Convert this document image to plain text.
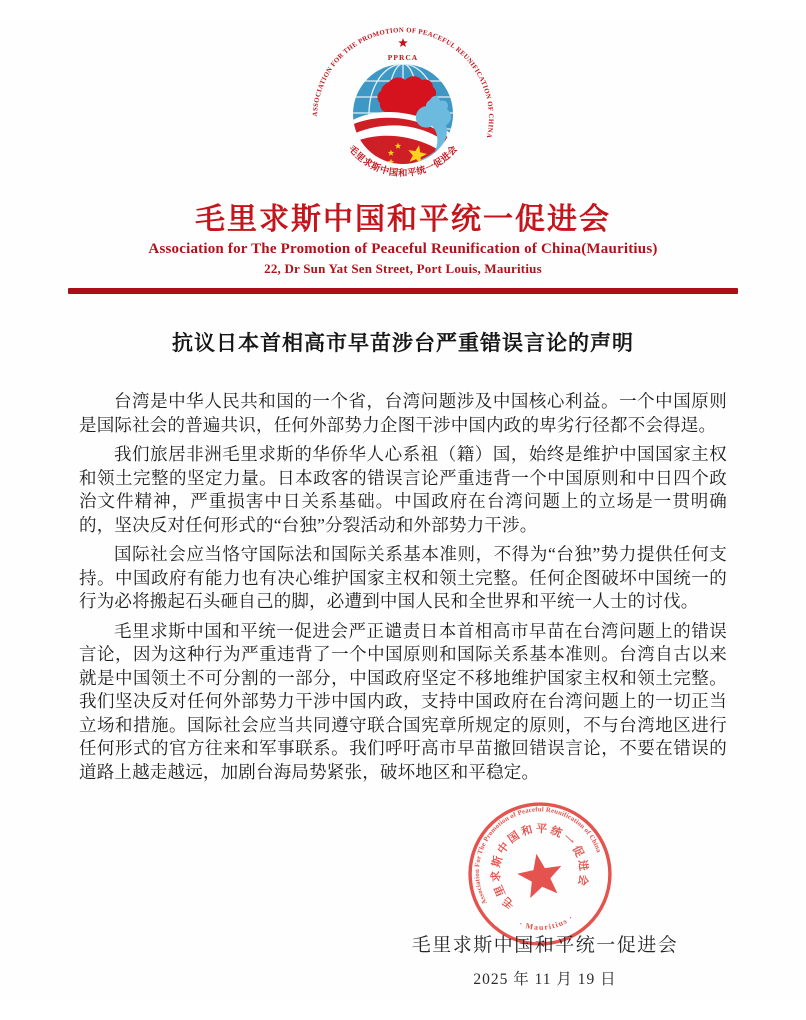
ASSOCIATION FOR THE PROMOTION OF PEACEFUL REUNIFICATION OF CHINA
PPRCA
毛里求斯中国和平统一促进会
毛里求斯中国和平统一促进会
Association for The Promotion of Peaceful Reunification of China(Mauritius)
22, Dr Sun Yat Sen Street, Port Louis, Mauritius
抗议日本首相高市早苗涉台严重错误言论的声明

台湾是中华人民共和国的一个省，台湾问题涉及中国核心利益。一个中国原则是国际社会的普遍共识，任何外部势力企图干涉中国内政的卑劣行径都不会得逞。

我们旅居非洲毛里求斯的华侨华人心系祖（籍）国，始终是维护中国国家主权和领土完整的坚定力量。日本政客的错误言论严重违背一个中国原则和中日四个政治文件精神，严重损害中日关系基础。中国政府在台湾问题上的立场是一贯明确的，坚决反对任何形式的“台独”分裂活动和外部势力干涉。

国际社会应当恪守国际法和国际关系基本准则，不得为“台独”势力提供任何支持。中国政府有能力也有决心维护国家主权和领土完整。任何企图破坏中国统一的行为必将搬起石头砸自己的脚，必遭到中国人民和全世界和平统一人士的讨伐。

毛里求斯中国和平统一促进会严正谴责日本首相高市早苗在台湾问题上的错误言论，因为这种行为严重违背了一个中国原则和国际关系基本准则。台湾自古以来就是中国领土不可分割的一部分，中国政府坚定不移地维护国家主权和领土完整。我们坚决反对任何外部势力干涉中国内政，支持中国政府在台湾问题上的一切正当立场和措施。国际社会应当共同遵守联合国宪章所规定的原则，不与台湾地区进行任何形式的官方往来和军事联系。我们呼吁高市早苗撤回错误言论，不要在错误的道路上越走越远，加剧台海局势紧张，破坏地区和平稳定。

Association For The Promotion of Peaceful Reunification of China
· Mauritius ·
毛里求斯中国和平统一促进会
毛里求斯中国和平统一促进会
2025 年 11 月 19 日
